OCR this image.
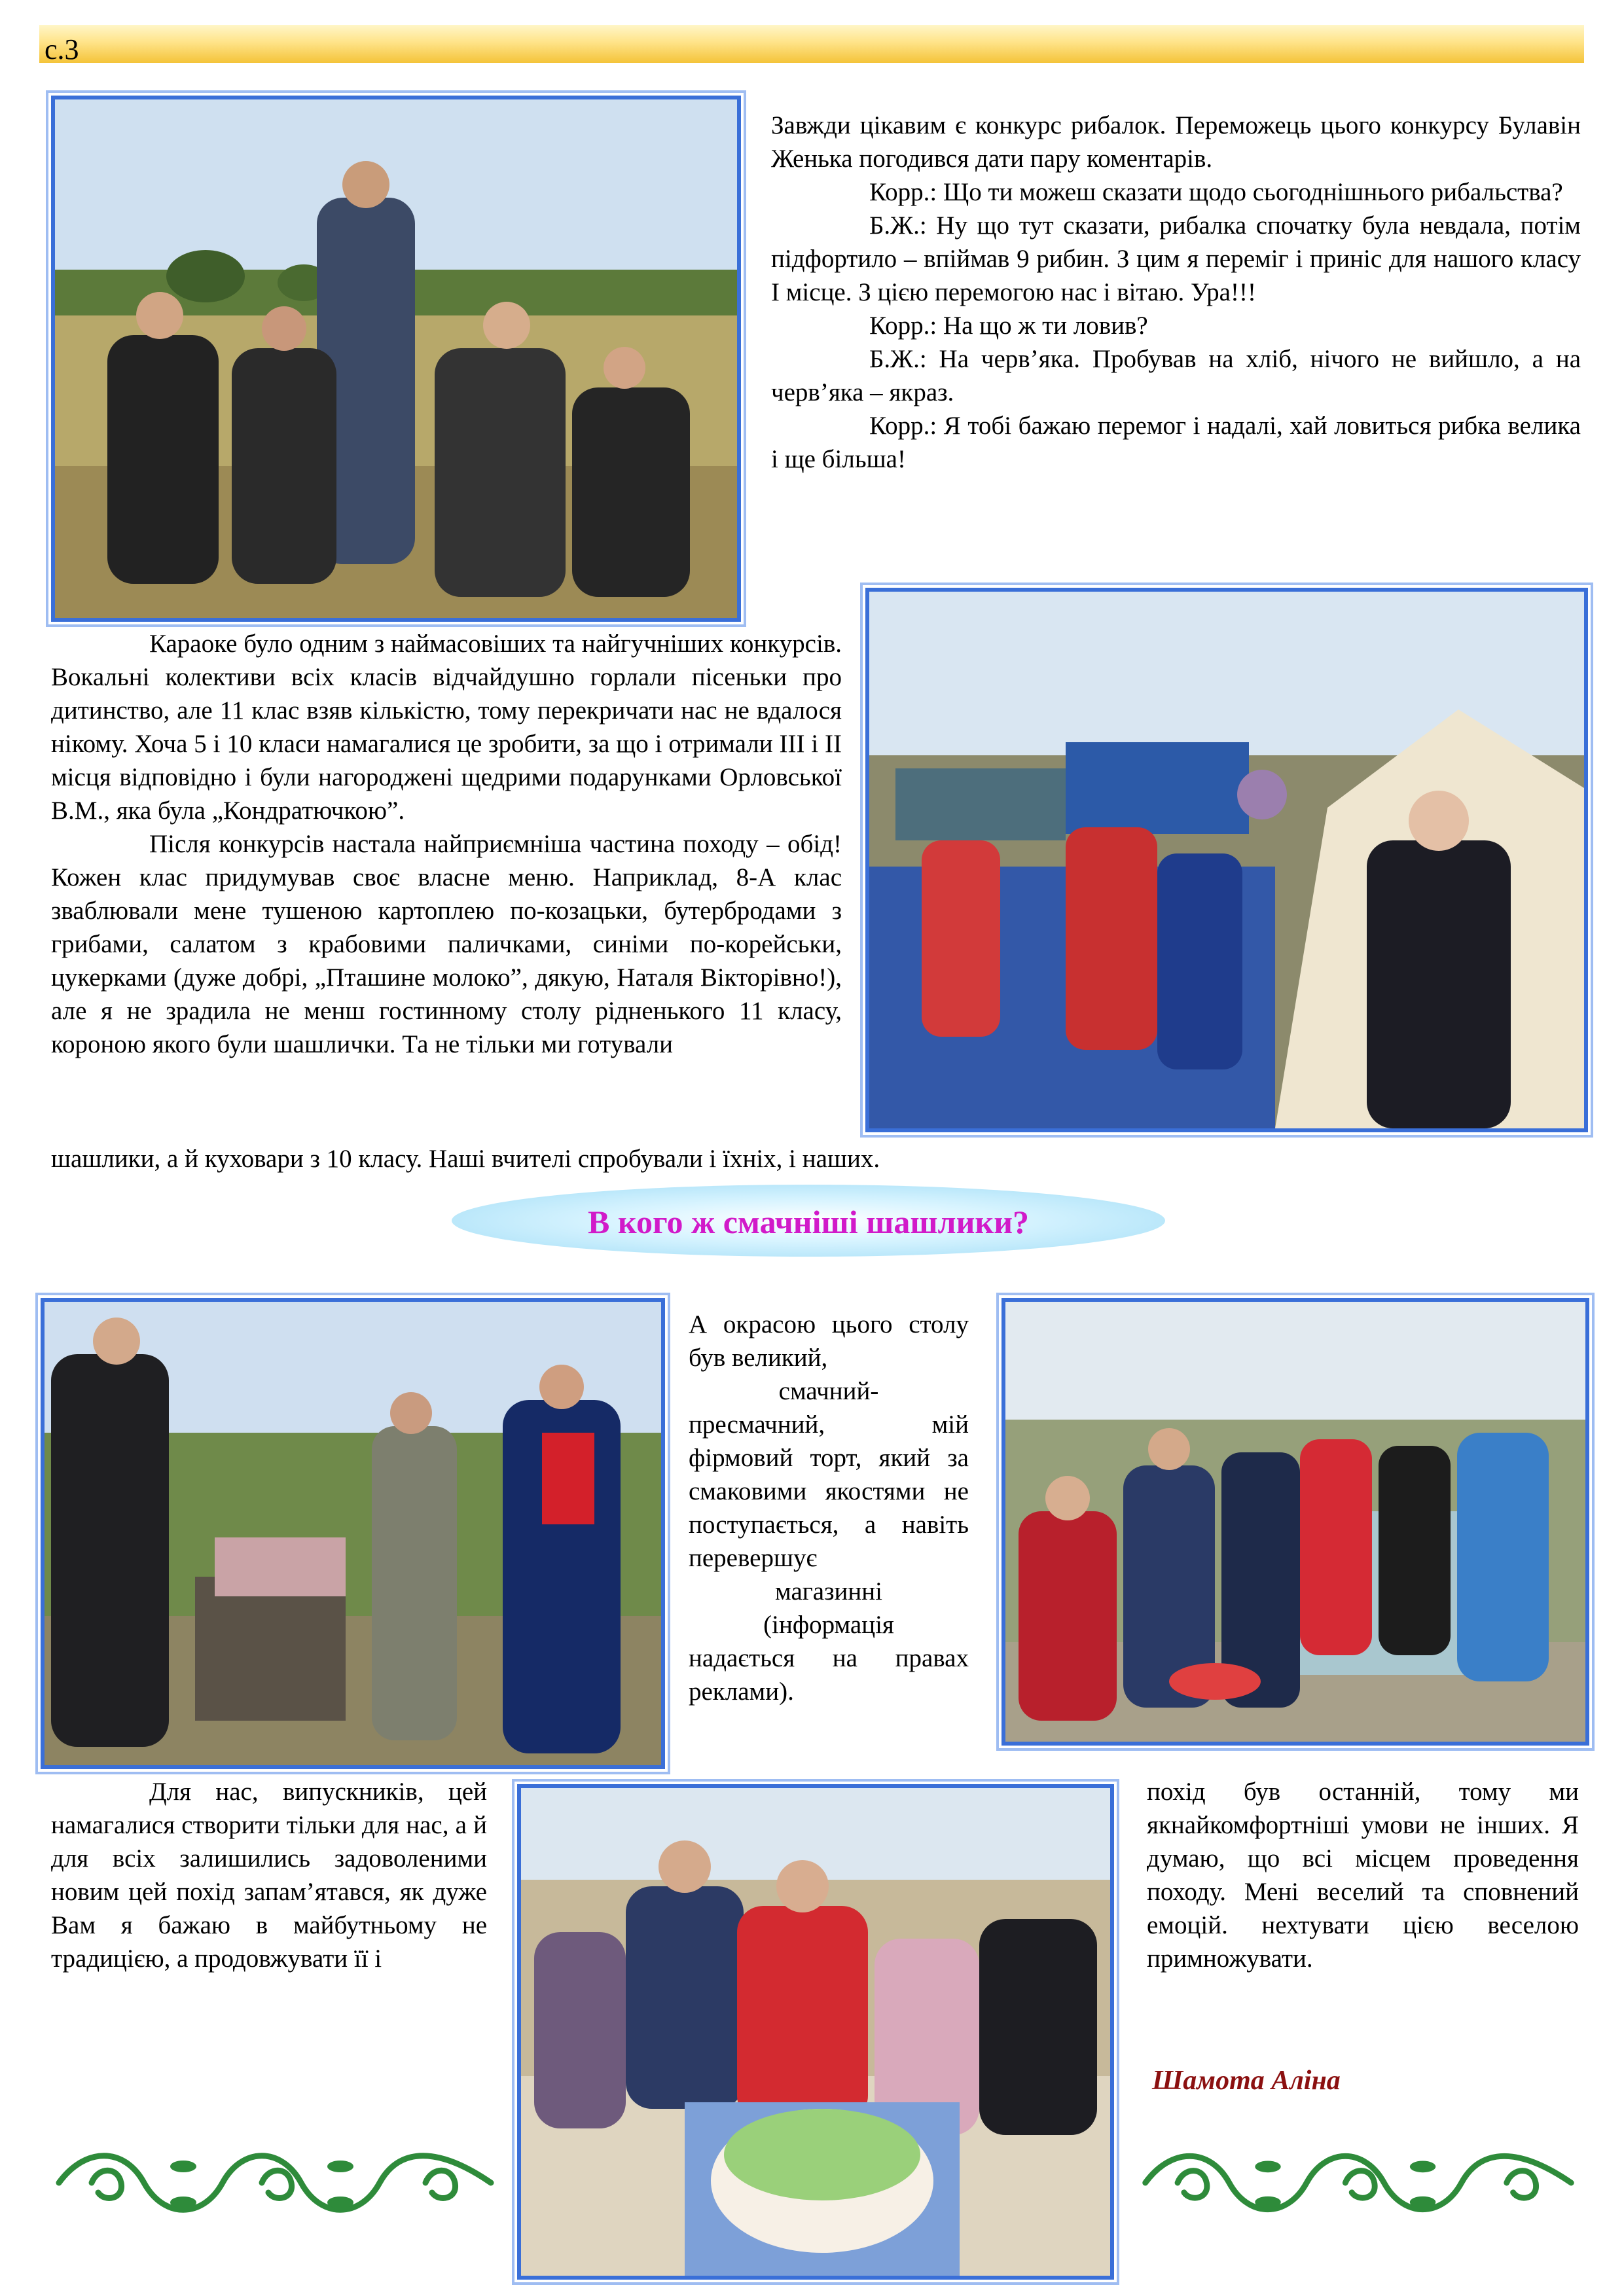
с.3

Завжди цікавим є конкурс рибалок. Переможець цього конкурсу Булавін Женька погодився дати пару коментарів.

Корр.: Що ти можеш сказати щодо сьогоднішнього рибальства?

Б.Ж.: Ну що тут сказати, рибалка спочатку була невдала, потім підфортило – впіймав 9 рибин. З цим я переміг і приніс для нашого класу І місце. З цією перемогою нас і вітаю. Ура!!!

Корр.: На що ж ти ловив?

Б.Ж.: На черв’яка. Пробував на хліб, нічого не вийшло, а на черв’яка – якраз.

Корр.: Я тобі бажаю перемог і надалі, хай ловиться рибка велика і ще більша!

Караоке було одним з наймасовіших та найгучніших конкурсів. Вокальні колективи всіх класів відчайдушно горлали пісеньки про дитинство, але 11 клас взяв кількістю, тому перекричати нас не вдалося нікому. Хоча 5 і 10 класи намагалися це зробити, за що і отримали ІІІ і ІІ місця відповідно і були нагороджені щедрими подарунками Орловської В.М., яка була „Кондратючкою”.

Після конкурсів настала найприємніша частина походу – обід! Кожен клас придумував своє власне меню. Наприклад, 8-А клас зваблювали мене тушеною картоплею по-козацьки, бутербродами з грибами, салатом з крабовими паличками, синіми по-корейськи, цукерками (дуже добрі, „Пташине молоко”, дякую, Наталя Вікторівно!), але я не зрадила не менш гостинному столу рідненького 11 класу, короною якого були шашлички. Та не тільки ми готували

шашлики, а й куховари з 10 класу. Наші вчителі спробували і їхніх, і наших.
В кого ж смачніші шашлики?

А окрасою цього столу був великий,

смачний-

пресмачний, мій фірмовий торт, який за смаковими якостями не поступається, а навіть перевершує

магазинні

(інформація

надається на правах реклами).

Для нас, випускників, цей намагалися створити тільки для нас, а й для всіх залишились задоволеними новим цей похід запам’ятався, як дуже Вам я бажаю в майбутньому не традицією, а продовжувати її і

похід був останній, тому ми якнайкомфортніші умови не інших. Я думаю, що всі місцем проведення походу. Мені веселий та сповнений емоцій. нехтувати цією веселою примножувати.

Шамота Аліна
